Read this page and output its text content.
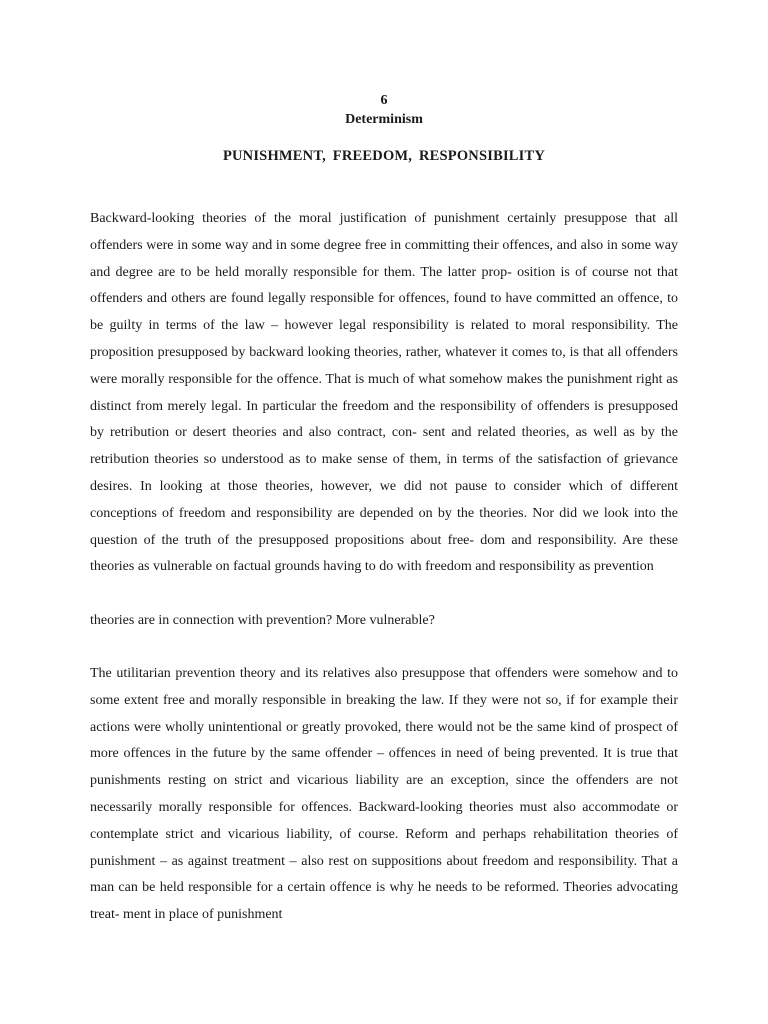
6
Determinism
PUNISHMENT, FREEDOM, RESPONSIBILITY

Backward-looking theories of the moral justification of punishment certainly presuppose that all offenders were in some way and in some degree free in committing their offences, and also in some way and degree are to be held morally responsible for them. The latter prop- osition is of course not that offenders and others are found legally responsible for offences, found to have committed an offence, to be guilty in terms of the law – however legal responsibility is related to moral responsibility. The proposition presupposed by backward looking theories, rather, whatever it comes to, is that all offenders were morally responsible for the offence. That is much of what somehow makes the punishment right as distinct from merely legal. In particular the freedom and the responsibility of offenders is presupposed by retribution or desert theories and also contract, con- sent and related theories, as well as by the retribution theories so understood as to make sense of them, in terms of the satisfaction of grievance desires. In looking at those theories, however, we did not pause to consider which of different conceptions of freedom and responsibility are depended on by the theories. Nor did we look into the question of the truth of the presupposed propositions about free- dom and responsibility. Are these theories as vulnerable on factual grounds having to do with freedom and responsibility as prevention

theories are in connection with prevention? More vulnerable?

The utilitarian prevention theory and its relatives also presuppose that offenders were somehow and to some extent free and morally responsible in breaking the law. If they were not so, if for example their actions were wholly unintentional or greatly provoked, there would not be the same kind of prospect of more offences in the future by the same offender – offences in need of being prevented. It is true that punishments resting on strict and vicarious liability are an exception, since the offenders are not necessarily morally responsible for offences. Backward-looking theories must also accommodate or contemplate strict and vicarious liability, of course. Reform and perhaps rehabilitation theories of punishment – as against treatment – also rest on suppositions about freedom and responsibility. That a man can be held responsible for a certain offence is why he needs to be reformed. Theories advocating treat- ment in place of punishment
